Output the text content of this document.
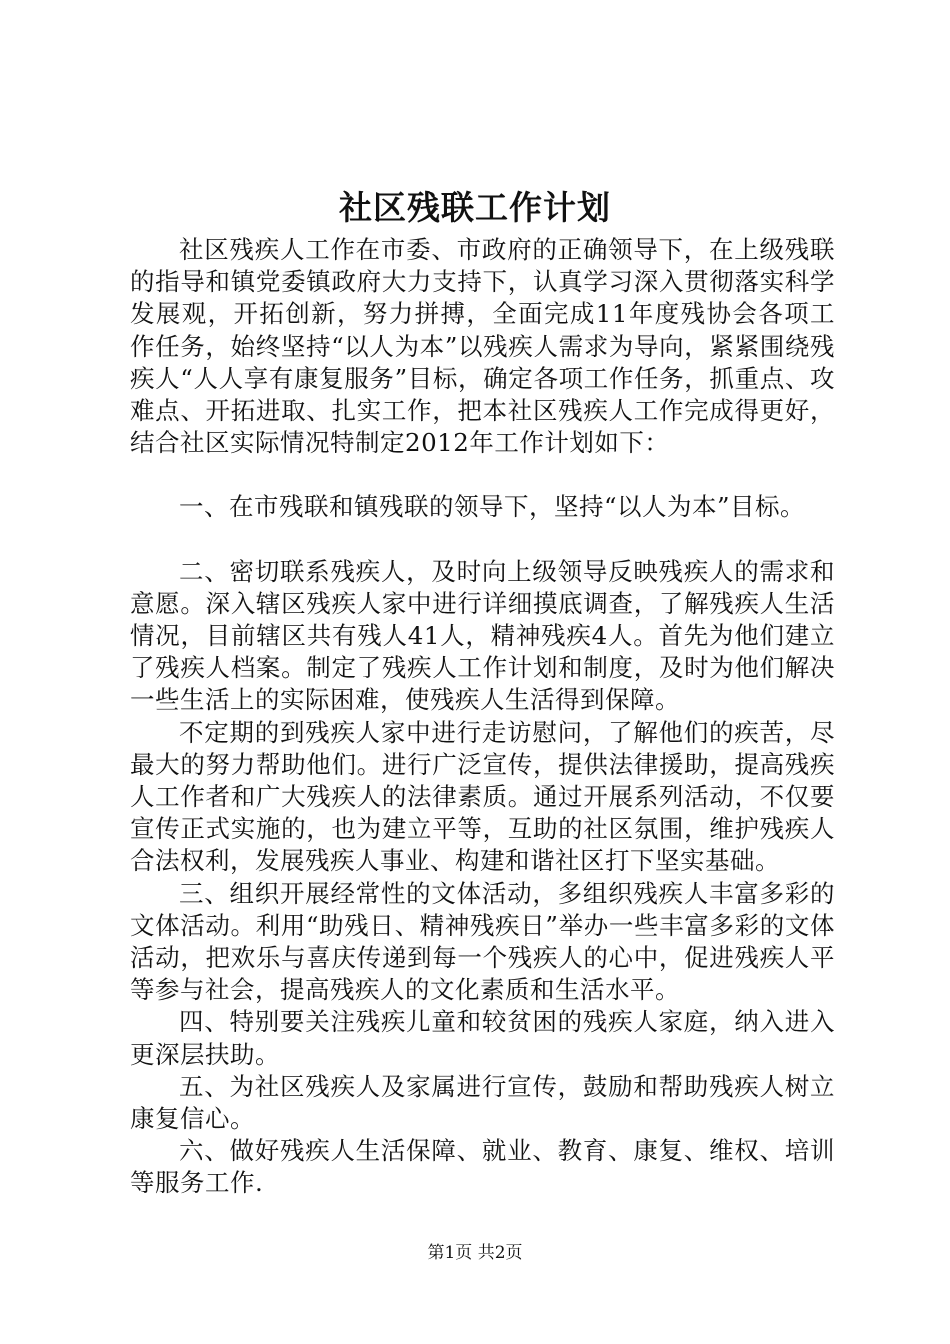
社区残联工作计划

社区残疾人工作在市委、市政府的正确领导下，在上级残联的指导和镇党委镇政府大力支持下，认真学习深入贯彻落实科学发展观，开拓创新，努力拼搏，全面完成11年度残协会各项工作任务，始终坚持“以人为本”以残疾人需求为导向，紧紧围绕残疾人“人人享有康复服务”目标，确定各项工作任务，抓重点、攻难点、开拓进取、扎实工作，把本社区残疾人工作完成得更好，结合社区实际情况特制定2012年工作计划如下：

一、在市残联和镇残联的领导下，坚持“以人为本”目标。

二、密切联系残疾人，及时向上级领导反映残疾人的需求和意愿。深入辖区残疾人家中进行详细摸底调查，了解残疾人生活情况，目前辖区共有残人41人，精神残疾4人。首先为他们建立了残疾人档案。制定了残疾人工作计划和制度，及时为他们解决一些生活上的实际困难，使残疾人生活得到保障。

不定期的到残疾人家中进行走访慰问，了解他们的疾苦，尽最大的努力帮助他们。进行广泛宣传，提供法律援助，提高残疾人工作者和广大残疾人的法律素质。通过开展系列活动，不仅要宣传正式实施的，也为建立平等，互助的社区氛围，维护残疾人合法权利，发展残疾人事业、构建和谐社区打下坚实基础。

三、组织开展经常性的文体活动，多组织残疾人丰富多彩的文体活动。利用“助残日、精神残疾日”举办一些丰富多彩的文体活动，把欢乐与喜庆传递到每一个残疾人的心中，促进残疾人平等参与社会，提高残疾人的文化素质和生活水平。

四、特别要关注残疾儿童和较贫困的残疾人家庭，纳入进入更深层扶助。

五、为社区残疾人及家属进行宣传，鼓励和帮助残疾人树立康复信心。

六、做好残疾人生活保障、就业、教育、康复、维权、培训等服务工作.

第1页 共2页
